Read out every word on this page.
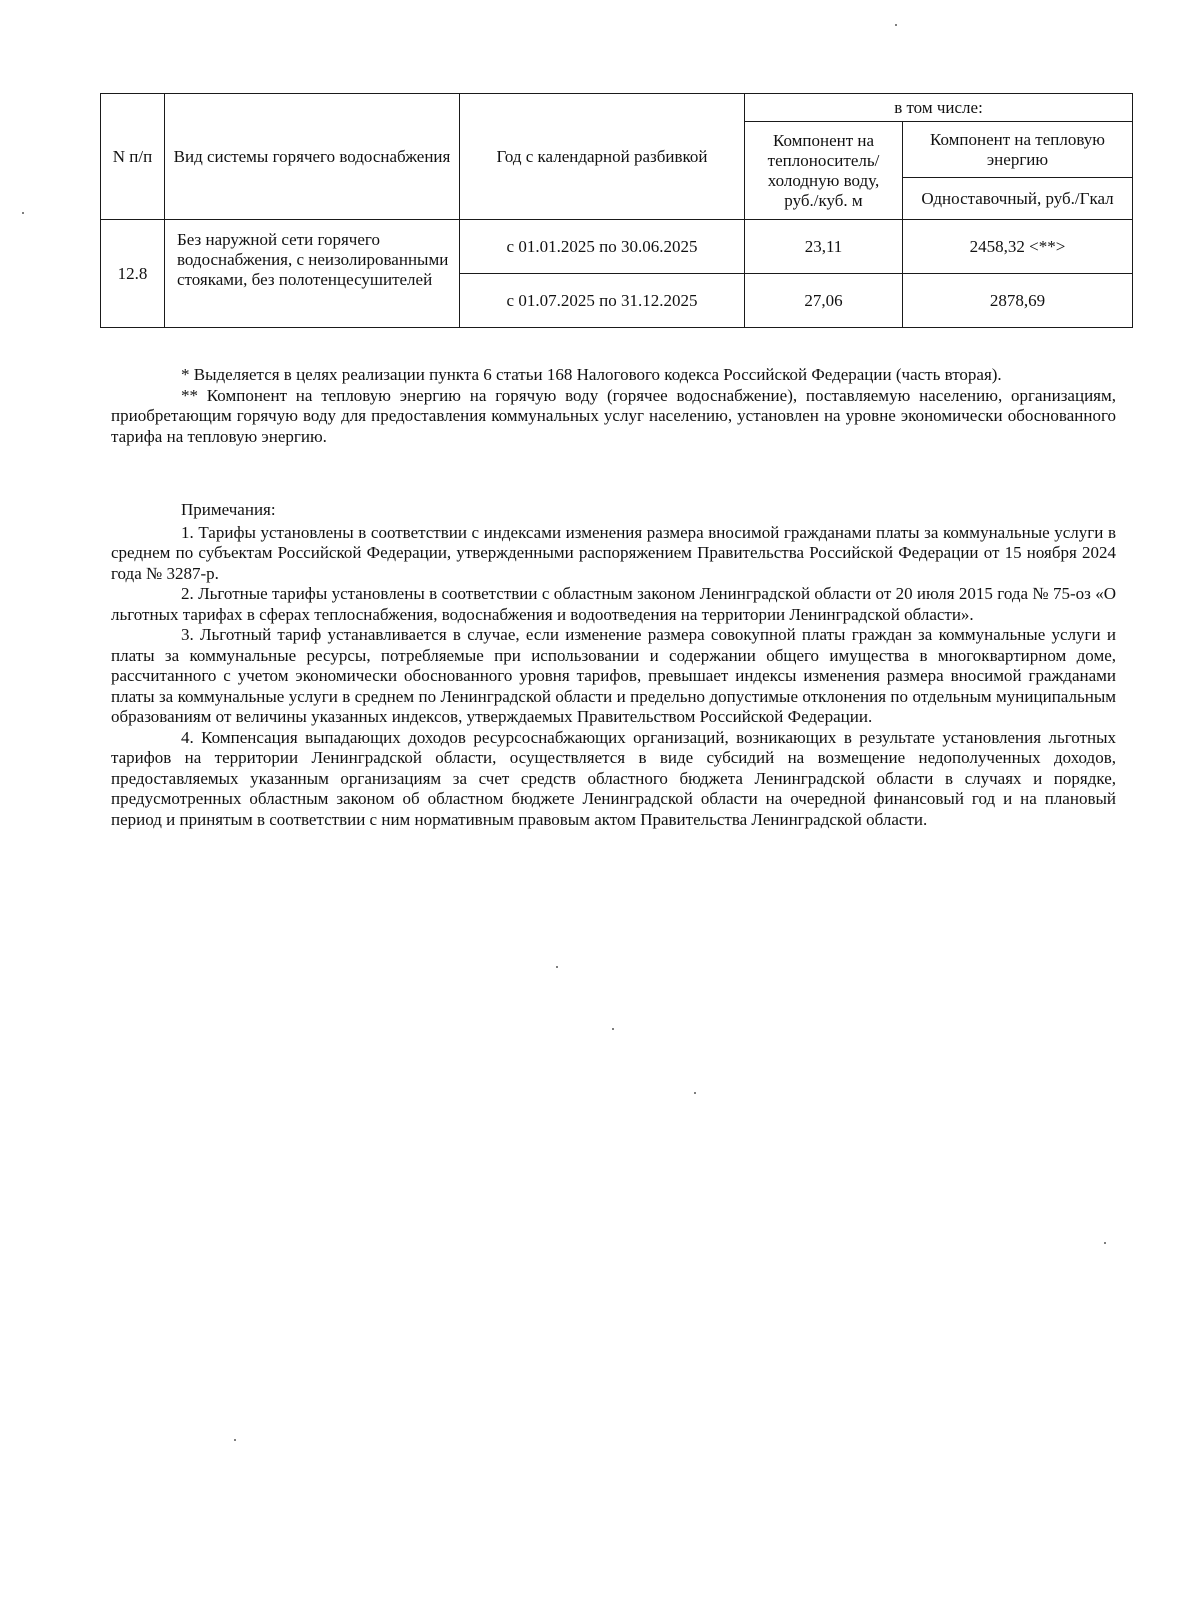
N п/п	Вид системы горячего водоснабжения	Год с календарной разбивкой	в том числе:	
			Компонент на теплоноситель/ холодную воду, руб./куб. м	Компонент на тепловую энергию
				Одноставочный, руб./Гкал
12.8	Без наружной сети горячего водоснабжения, с неизолированными стояками, без полотенцесушителей	с 01.01.2025 по 30.06.2025	23,11	2458,32 <**>
		с 01.07.2025 по 31.12.2025	27,06	2878,69

* Выделяется в целях реализации пункта 6 статьи 168 Налогового кодекса Российской Федерации (часть вторая).

** Компонент на тепловую энергию на горячую воду (горячее водоснабжение), поставляемую населению, организациям, приобретающим горячую воду для предоставления коммунальных услуг населению, установлен на уровне экономически обоснованного тарифа на тепловую энергию.

Примечания:

1. Тарифы установлены в соответствии с индексами изменения размера вносимой гражданами платы за коммунальные услуги в среднем по субъектам Российской Федерации, утвержденными распоряжением Правительства Российской Федерации от 15 ноября 2024 года № 3287-р.

2. Льготные тарифы установлены в соответствии с областным законом Ленинградской области от 20 июля 2015 года № 75-оз «О льготных тарифах в сферах теплоснабжения, водоснабжения и водоотведения на территории Ленинградской области».

3. Льготный тариф устанавливается в случае, если изменение размера совокупной платы граждан за коммунальные услуги и платы за коммунальные ресурсы, потребляемые при использовании и содержании общего имущества в многоквартирном доме, рассчитанного с учетом экономически обоснованного уровня тарифов, превышает индексы изменения размера вносимой гражданами платы за коммунальные услуги в среднем по Ленинградской области и предельно допустимые отклонения по отдельным муниципальным образованиям от величины указанных индексов, утверждаемых Правительством Российской Федерации.

4. Компенсация выпадающих доходов ресурсоснабжающих организаций, возникающих в результате установления льготных тарифов на территории Ленинградской области, осуществляется в виде субсидий на возмещение недополученных доходов, предоставляемых указанным организациям за счет средств областного бюджета Ленинградской области в случаях и порядке, предусмотренных областным законом об областном бюджете Ленинградской области на очередной финансовый год и на плановый период и принятым в соответствии с ним нормативным правовым актом Правительства Ленинградской области.
